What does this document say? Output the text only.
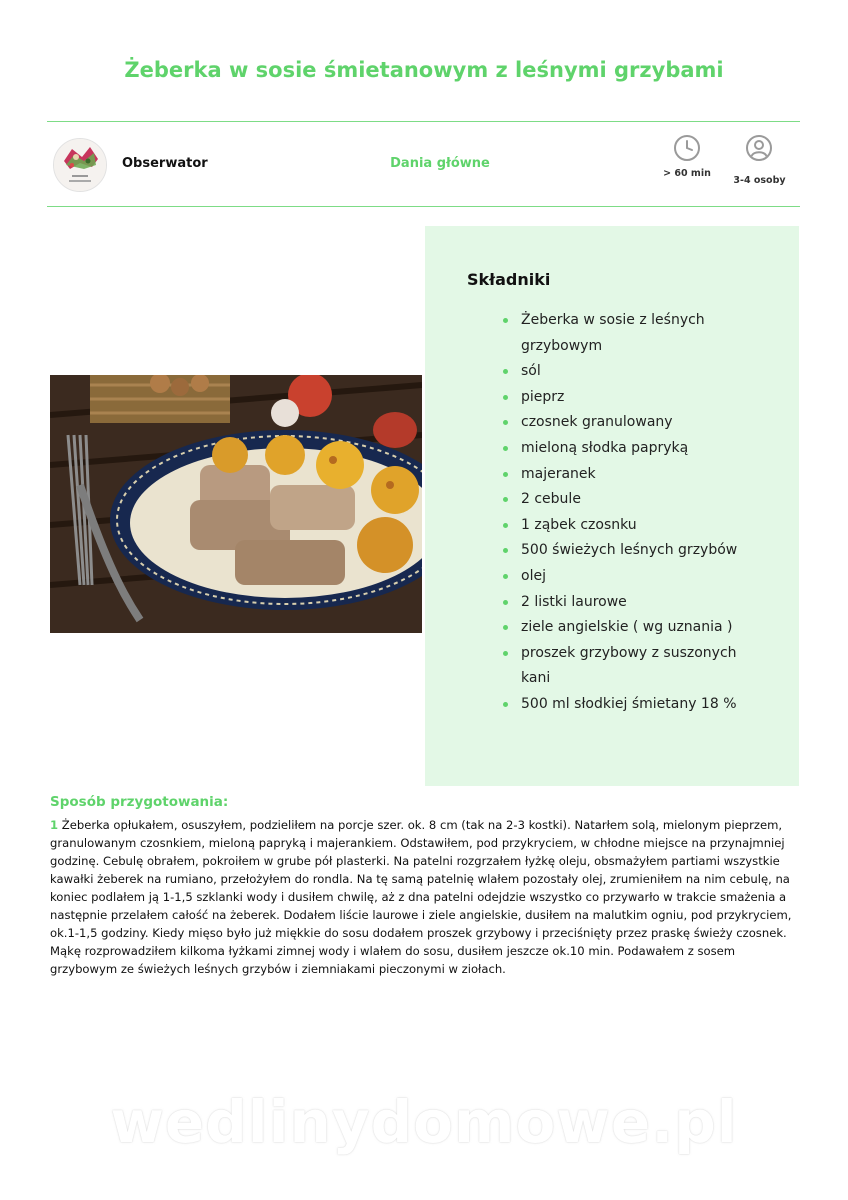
Żeberka w sosie śmietanowym z leśnymi grzybami
Obserwator	Dania główne
> 60 min
3-4 osoby
Składniki
Żeberka w sosie z leśnych grzybowym
sól
pieprz
czosnek granulowany
mieloną słodka papryką
majeranek
2 cebule
1 ząbek czosnku
500 świeżych leśnych grzybów
olej
2 listki laurowe
ziele angielskie ( wg uznania )
proszek grzybowy z suszonych kani
500 ml słodkiej śmietany 18 %
Sposób przygotowania:
1 Żeberka opłukałem, osuszyłem, podzieliłem na porcje szer. ok. 8 cm (tak na 2-3 kostki). Natarłem solą, mielonym pieprzem, granulowanym czosnkiem, mieloną papryką i majerankiem. Odstawiłem, pod przykryciem, w chłodne miejsce na przynajmniej godzinę. Cebulę obrałem, pokroiłem w grube pół plasterki. Na patelni rozgrzałem łyżkę oleju, obsmażyłem partiami wszystkie kawałki żeberek na rumiano, przełożyłem do rondla. Na tę samą patelnię wlałem pozostały olej, zrumieniłem na nim cebulę, na koniec podlałem ją 1-1,5 szklanki wody i dusiłem chwilę, aż z dna patelni odejdzie wszystko co przywarło w trakcie smażenia a następnie przelałem całość na żeberek. Dodałem liście laurowe i ziele angielskie, dusiłem na malutkim ogniu, pod przykryciem, ok.1-1,5 godziny. Kiedy mięso było już miękkie do sosu dodałem proszek grzybowy i przeciśnięty przez praskę świeży czosnek. Mąkę rozprowadziłem kilkoma łyżkami zimnej wody i wlałem do sosu, dusiłem jeszcze ok.10 min. Podawałem z sosem grzybowym ze świeżych leśnych grzybów i ziemniakami pieczonymi w ziołach.
wedlinydomowe.pl
